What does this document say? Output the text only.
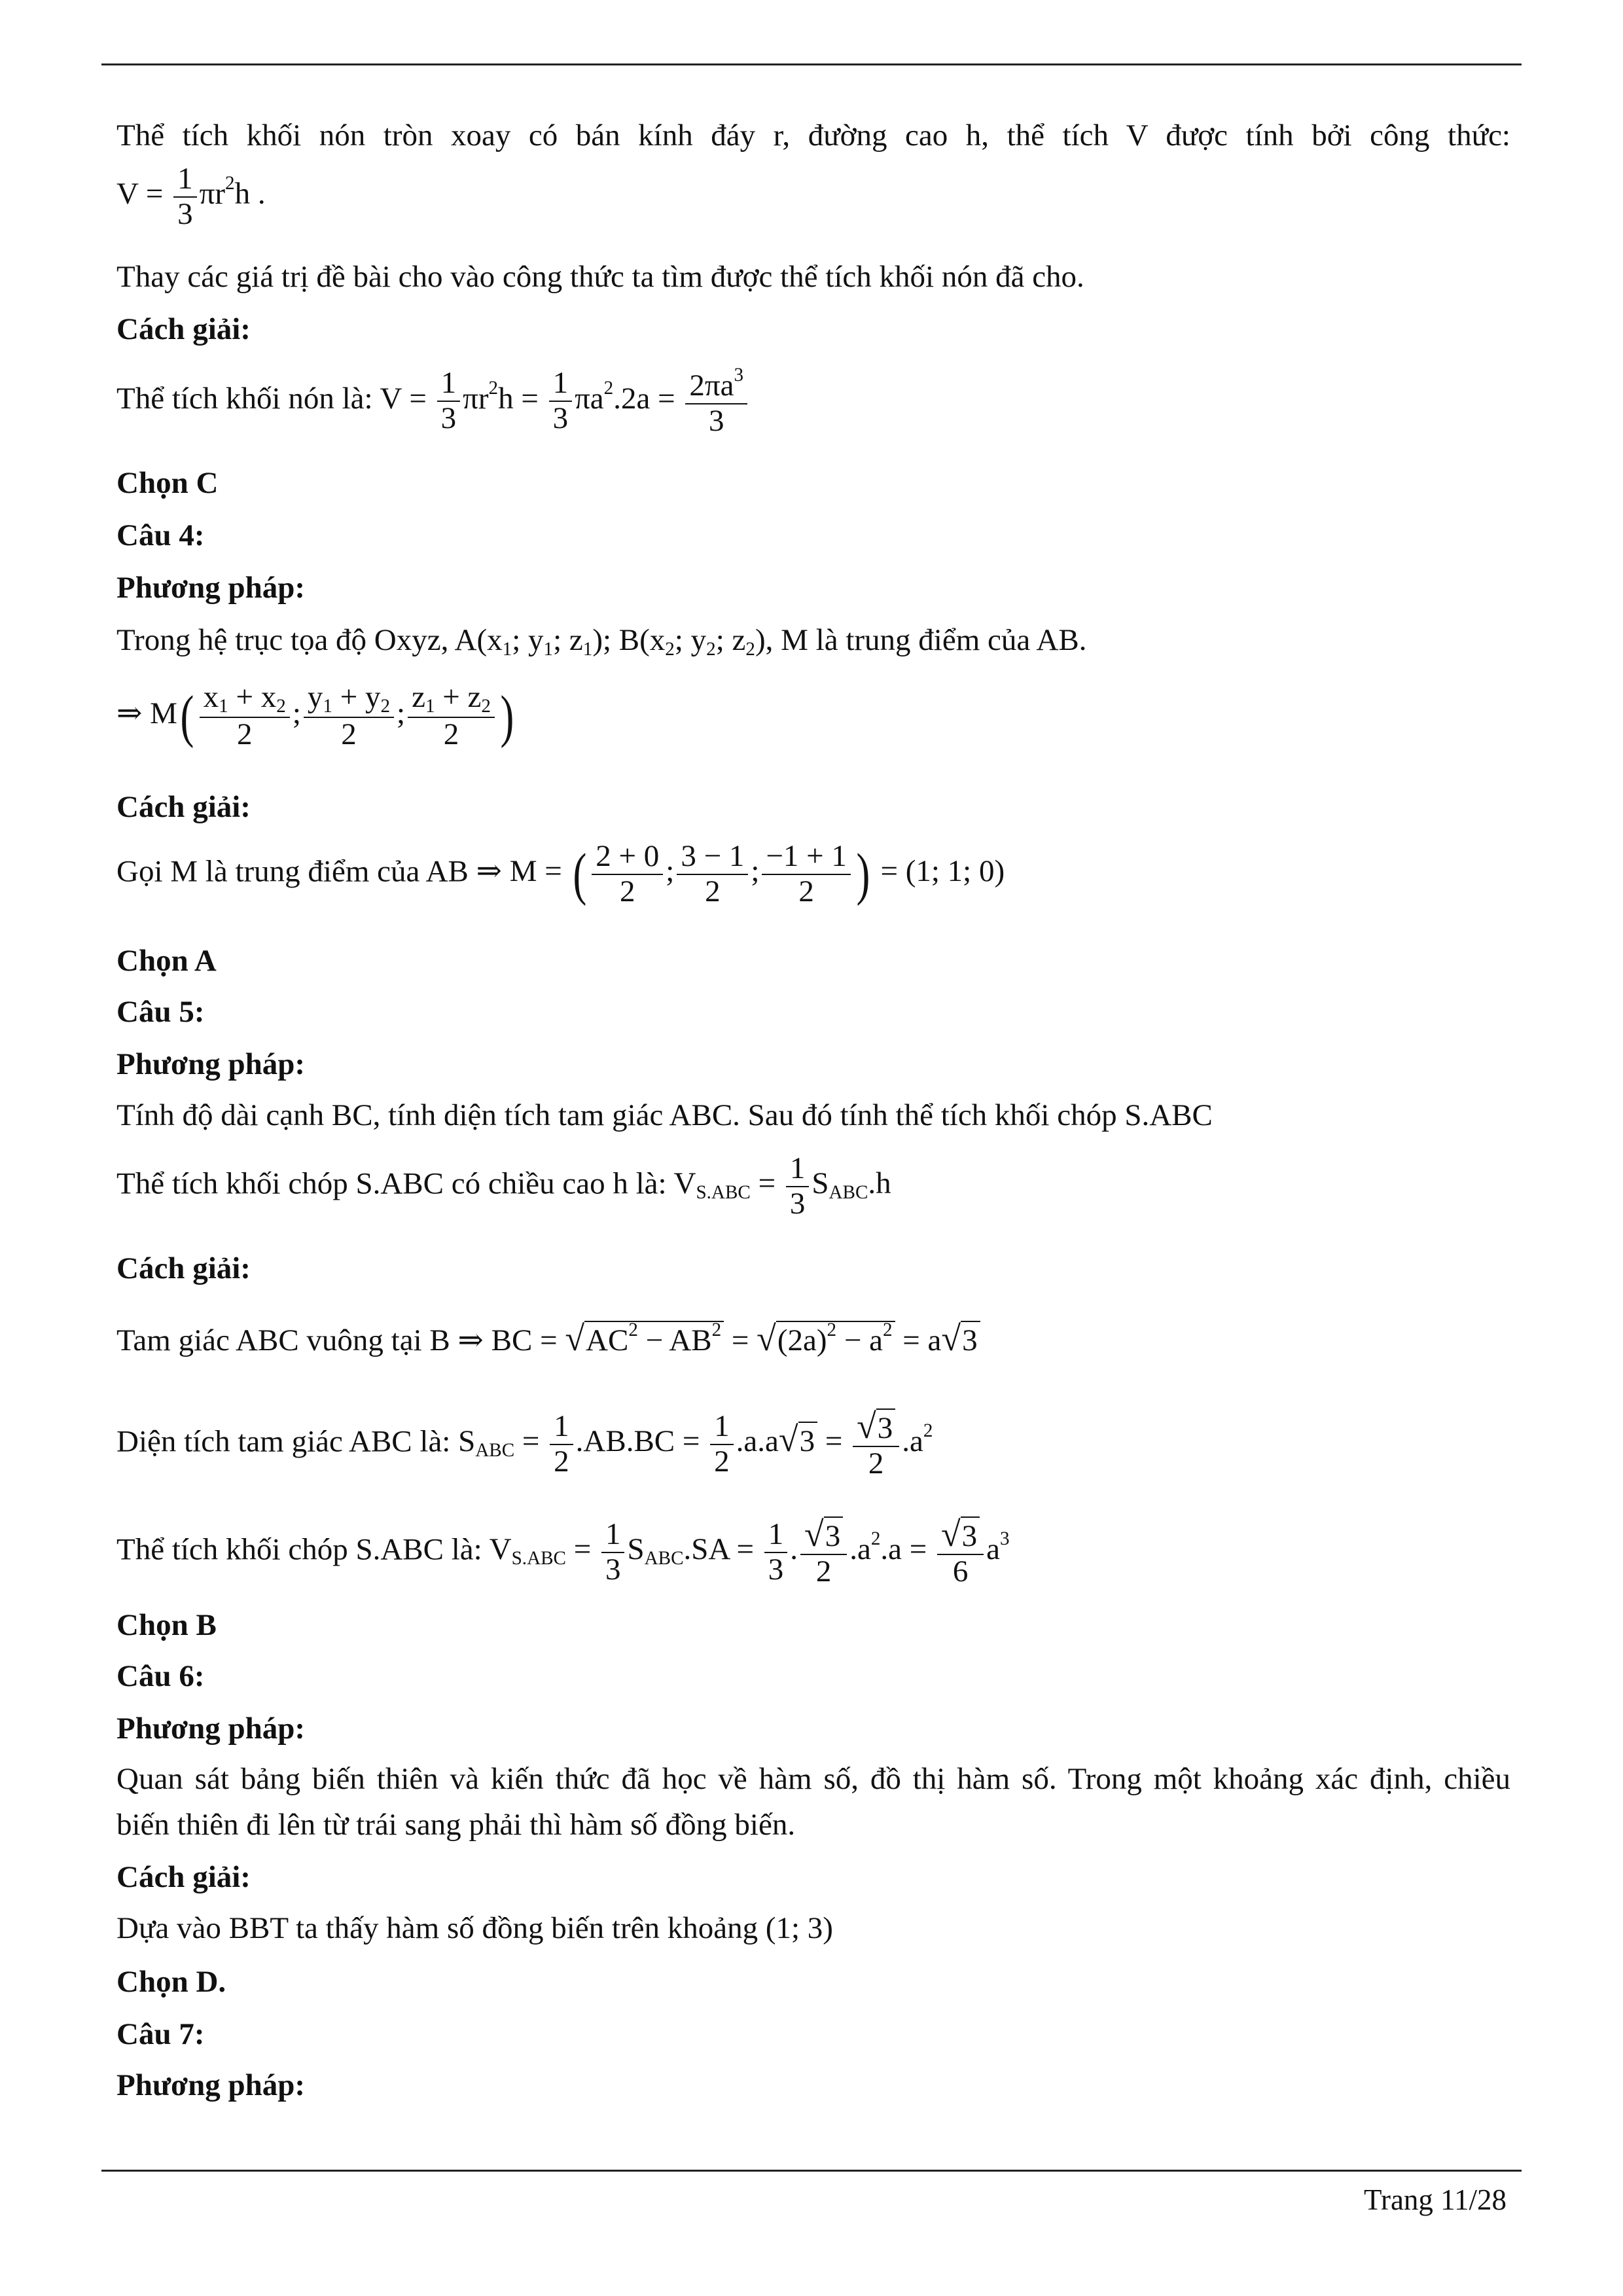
Thể tích khối nón tròn xoay có bán kính đáy r, đường cao h, thể tích V được tính bởi công thức:
$V = \frac{1}{3} \pi r^2h$ .
Thay các giá trị đề bài cho vào công thức ta tìm được thể tích khối nón đã cho.
Cách giải:
Thể tích khối nón là: $V = \frac{1}{3} \pi r^2h = \frac{1}{3} \pi a^2.2a = \frac{2\pi a^3}{3}$
Chọn C
Câu 4:
Phương pháp:
Trong hệ trục tọa độ Oxyz, $A(x_1$; $y_1$; $z_1$); $B(x_2$; $y_2$; $z_2$), M là trung điểm của AB.
⇒ $M( \frac{x_1 + x_2}{2}$ ; $\frac{y_1 + y_2}{2}$ ; $\frac{z_1 + z_2}{2}$ )
Cách giải:
Gọi M là trung điểm của AB ⇒ M = ( $\frac{2 + 0}{2}$ ; $\frac{3 - 1}{2}$ ; $\frac{-1 + 1}{2}$ ) = (1; 1; 0)
Chọn A
Câu 5:
Phương pháp:
Tính độ dài cạnh BC, tính diện tích tam giác ABC. Sau đó tính thể tích khối chóp S.ABC
Thể tích khối chóp S.ABC có chiều cao h là: $V_{S.ABC} = \frac{1}{3} S_{ABC}.h$
Cách giải:
Tam giác ABC vuông tại B ⇒ BC = $√AC^2 - AB^2 = √(2a)^2 - a^2 = a√3$
Diện tích tam giác ABC là: $S_{ABC} = \frac{1}{2} .AB.BC = \frac{1}{2} .a.a√3 = \frac{√3}{2} .a^2$
Thể tích khối chóp S.ABC là: $V_{S.ABC} = \frac{1}{3} S_{ABC}.SA = \frac{1}{3}$ . $\frac{√3}{2} .a^2.a = \frac{√3}{6} a^3$
Chọn B
Câu 6:
Phương pháp:
Quan sát bảng biến thiên và kiến thức đã học về hàm số, đồ thị hàm số. Trong một khoảng xác định, chiều
biến thiên đi lên từ trái sang phải thì hàm số đồng biến.
Cách giải:
Dựa vào BBT ta thấy hàm số đồng biến trên khoảng (1; 3)
Chọn D.
Câu 7:
Phương pháp:
Trang 11/28
